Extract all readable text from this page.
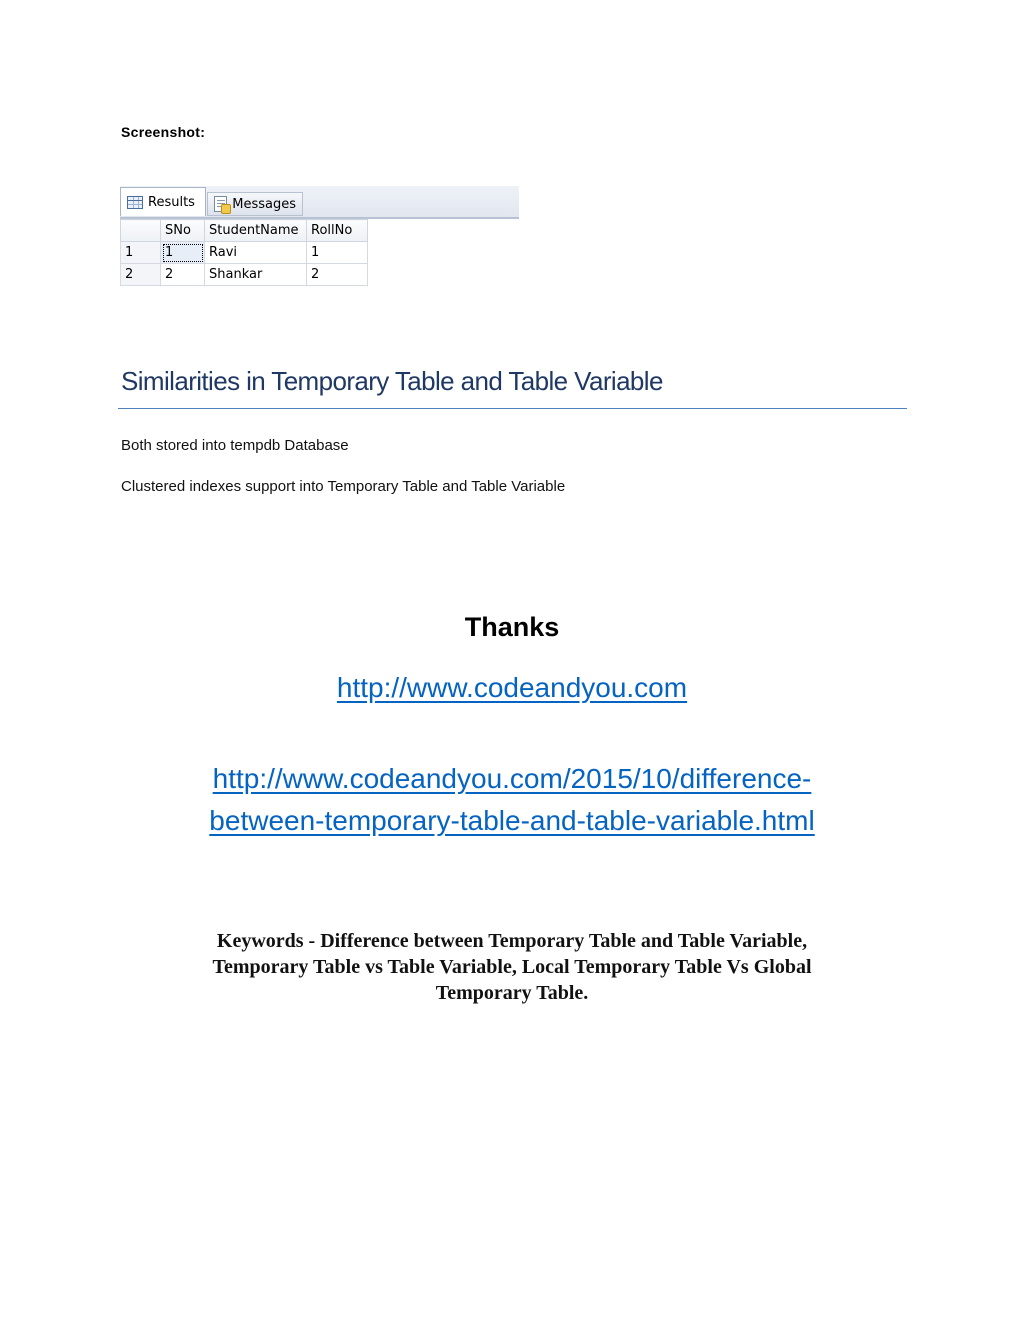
Screenshot:
Results	Messages
	SNo	StudentName	RollNo
1	1	Ravi	1
2	2	Shankar	2
Similarities in Temporary Table and Table Variable
Both stored into tempdb Database
Clustered indexes support into Temporary Table and Table Variable
Thanks
http://www.codeandyou.com
http://www.codeandyou.com/2015/10/difference-
between-temporary-table-and-table-variable.html
Keywords - Difference between Temporary Table and Table Variable,
Temporary Table vs Table Variable, Local Temporary Table Vs Global
Temporary Table.
